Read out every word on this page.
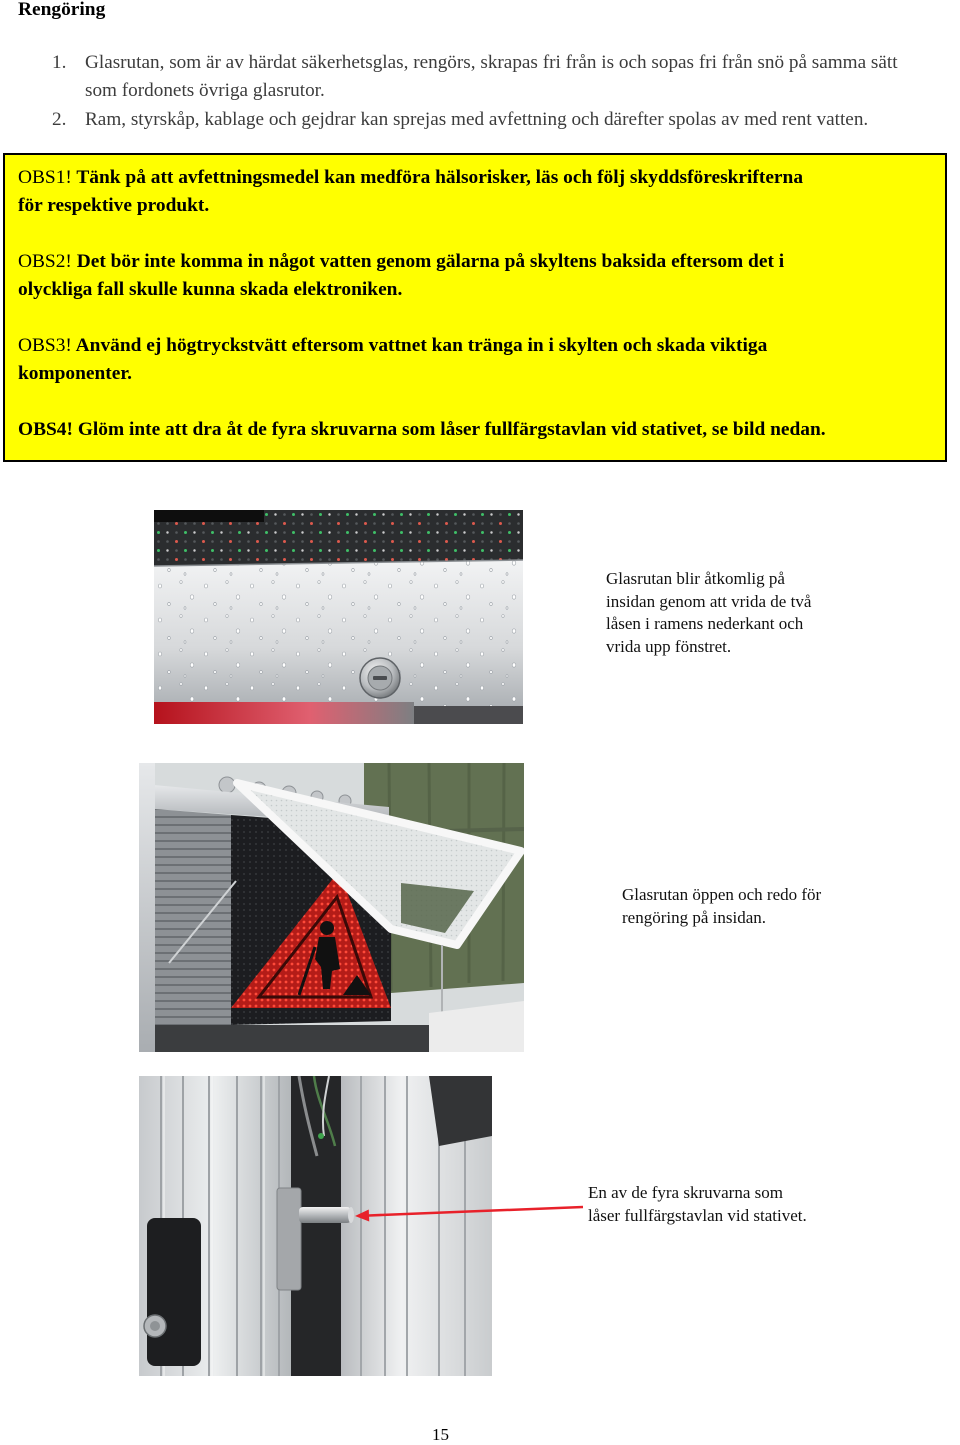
Rengöring
1. Glasrutan, som är av härdat säkerhetsglas, rengörs, skrapas fri från is och sopas fri från snö på samma sätt
som fordonets övriga glasrutor.
2. Ram, styrskåp, kablage och gejdrar kan sprejas med avfettning och därefter spolas av med rent vatten.
OBS1! Tänk på att avfettningsmedel kan medföra hälsorisker, läs och följ skyddsföreskrifterna
för respektive produkt.
OBS2! Det bör inte komma in något vatten genom gälarna på skyltens baksida eftersom det i
olyckliga fall skulle kunna skada elektroniken.
OBS3! Använd ej högtryckstvätt eftersom vattnet kan tränga in i skylten och skada viktiga
komponenter.
OBS4! Glöm inte att dra åt de fyra skruvarna som låser fullfärgstavlan vid stativet, se bild nedan.
Glasrutan blir åtkomlig på
insidan genom att vrida de två
låsen i ramens nederkant och
vrida upp fönstret.
Glasrutan öppen och redo för
rengöring på insidan.
En av de fyra skruvarna som
låser fullfärgstavlan vid stativet.
15
